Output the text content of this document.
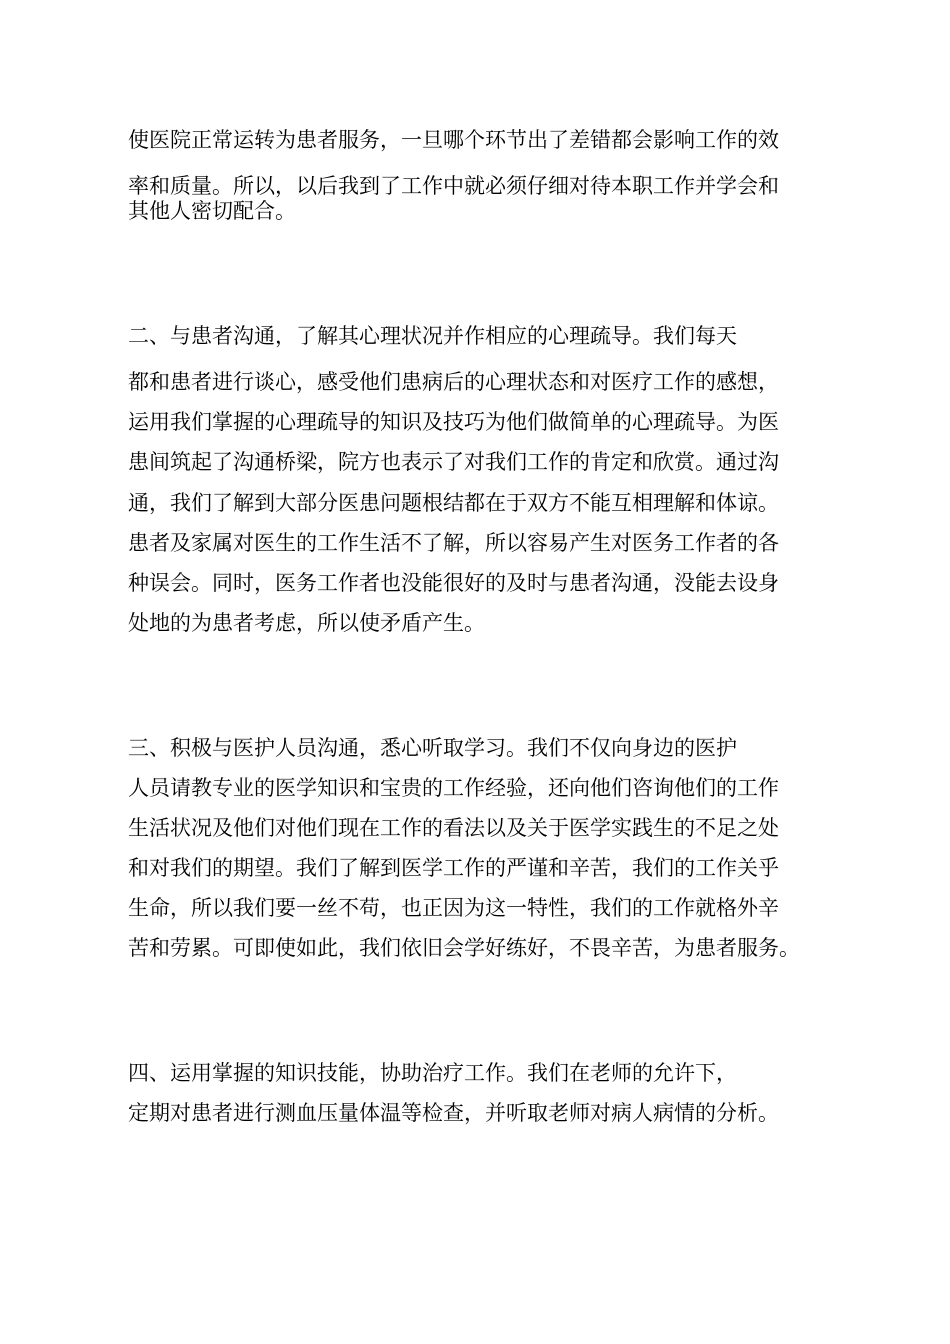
使医院正常运转为患者服务，一旦哪个环节出了差错都会影响工作的效

率和质量。所以，以后我到了工作中就必须仔细对待本职工作并学会和

其他人密切配合。

二、与患者沟通，了解其心理状况并作相应的心理疏导。我们每天

都和患者进行谈心，感受他们患病后的心理状态和对医疗工作的感想，

运用我们掌握的心理疏导的知识及技巧为他们做简单的心理疏导。为医

患间筑起了沟通桥梁，院方也表示了对我们工作的肯定和欣赏。通过沟

通，我们了解到大部分医患问题根结都在于双方不能互相理解和体谅。

患者及家属对医生的工作生活不了解，所以容易产生对医务工作者的各

种误会。同时，医务工作者也没能很好的及时与患者沟通，没能去设身

处地的为患者考虑，所以使矛盾产生。

三、积极与医护人员沟通，悉心听取学习。我们不仅向身边的医护

人员请教专业的医学知识和宝贵的工作经验，还向他们咨询他们的工作

生活状况及他们对他们现在工作的看法以及关于医学实践生的不足之处

和对我们的期望。我们了解到医学工作的严谨和辛苦，我们的工作关乎

生命，所以我们要一丝不苟，也正因为这一特性，我们的工作就格外辛

苦和劳累。可即使如此，我们依旧会学好练好，不畏辛苦，为患者服务。

四、运用掌握的知识技能，协助治疗工作。我们在老师的允许下，

定期对患者进行测血压量体温等检查，并听取老师对病人病情的分析。
